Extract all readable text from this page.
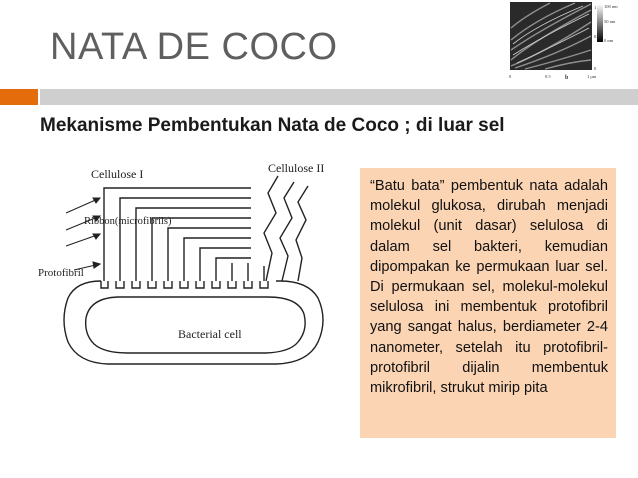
NATA DE COCO
Mekanisme Pembentukan Nata de Coco ; di luar sel
100 nm
50 nm
0 nm
1
0.5
0
0	0.5 b	1 μm
Cellulose I	Cellulose II
Ribbon(microfibrils)
Protofibril
Bacterial cell

“Batu bata” pembentuk nata adalah molekul glukosa, dirubah menjadi molekul (unit dasar) selulosa di dalam sel bakteri, kemudian dipompakan ke permukaan luar sel. Di permukaan sel, molekul-molekul selulosa ini membentuk protofibril yang sangat halus, berdiameter 2-4 nanometer, setelah itu protofibril-protofibril dijalin membentuk mikrofibril, strukut mirip pita
